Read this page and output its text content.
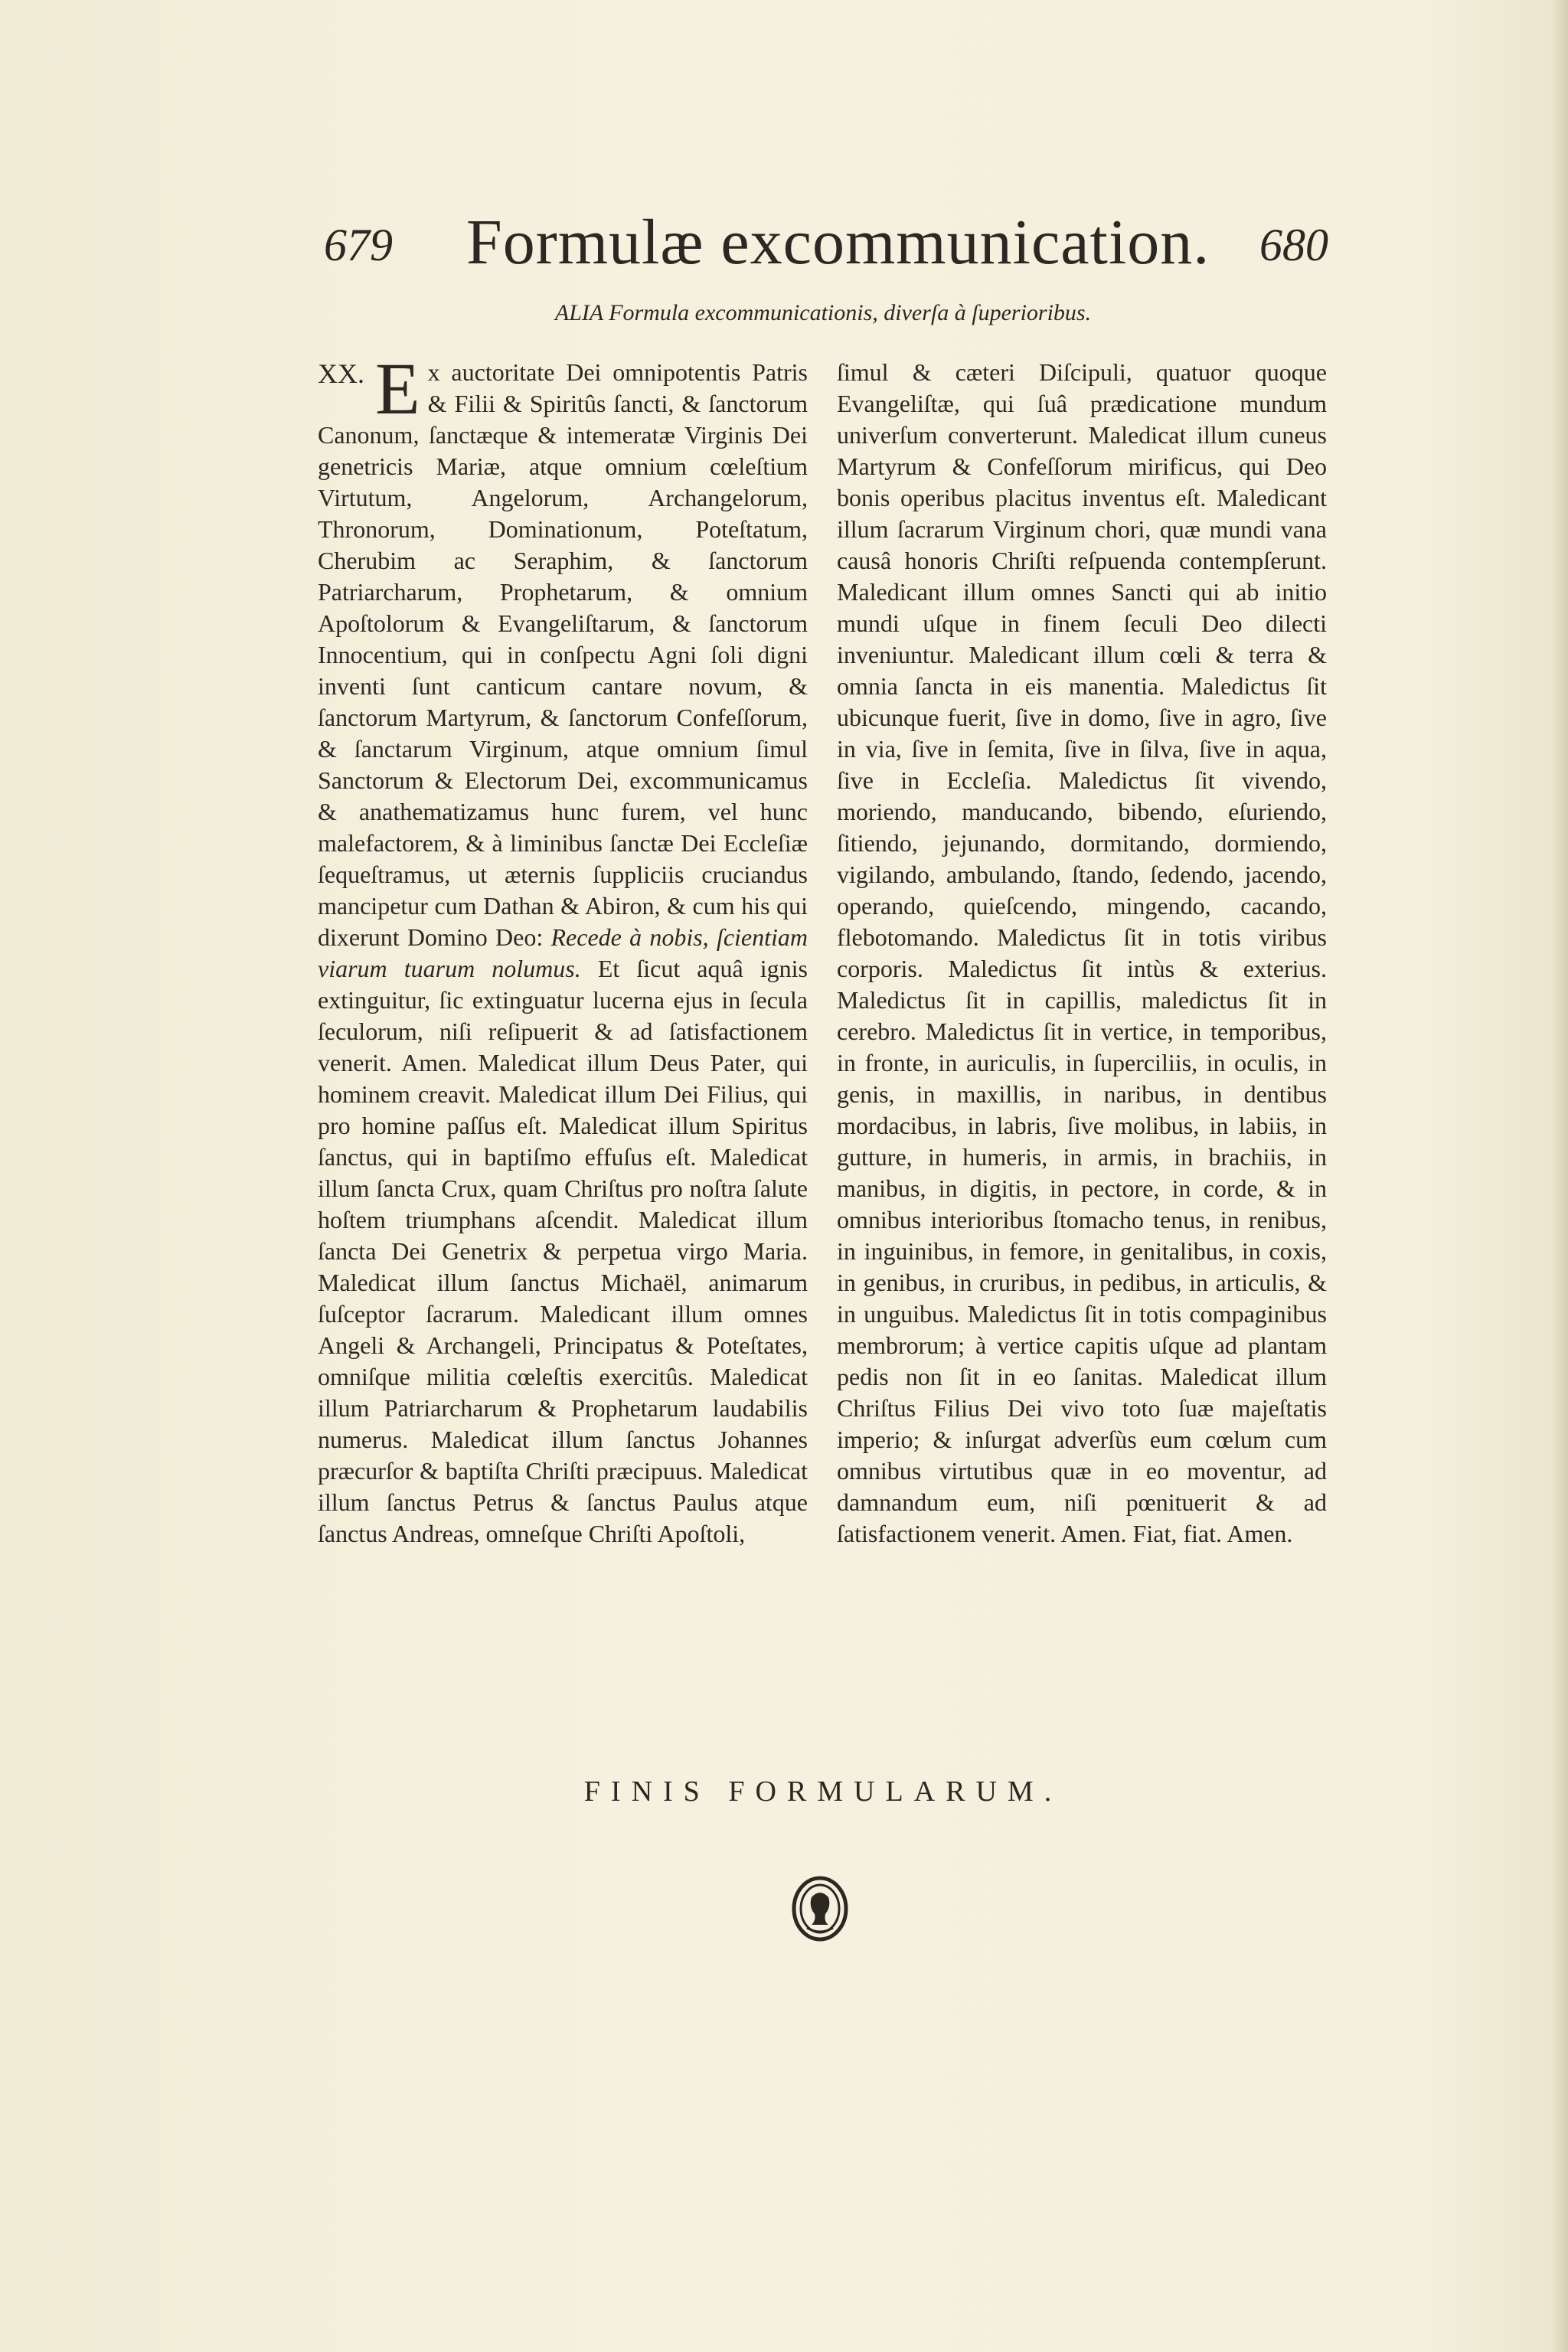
679 Formulæ excommunication. 680
ALIA Formula excommunicationis, diverſa à ſuperioribus.
XX. E x auctoritate Dei omnipotentis Patris & Filii & Spiritûs ſancti, & ſanctorum Canonum, ſanctæque & intemeratæ Virginis Dei genetricis Mariæ, atque omnium cœleſtium Virtutum, Angelorum, Archangelorum, Thronorum, Dominationum, Poteſtatum, Cherubim ac Seraphim, & ſanctorum Patriarcharum, Prophetarum, & omnium Apoſtolorum & Evangeliſtarum, & ſanctorum Innocentium, qui in conſpectu Agni ſoli digni inventi ſunt canticum cantare novum, & ſanctorum Martyrum, & ſanctorum Confeſſorum, & ſanctarum Virginum, atque omnium ſimul Sanctorum & Electorum Dei, excommunicamus & anathematizamus hunc furem, vel hunc malefactorem, & à liminibus ſanctæ Dei Eccleſiæ ſequeſtramus, ut æternis ſuppliciis cruciandus mancipetur cum Dathan & Abiron, & cum his qui dixerunt Domino Deo: Recede à nobis, ſcientiam viarum tuarum nolumus. Et ſicut aquâ ignis extinguitur, ſic extinguatur lucerna ejus in ſecula ſeculorum, niſi reſipuerit & ad ſatisfactionem venerit. Amen. Maledicat illum Deus Pater, qui hominem creavit. Maledicat illum Dei Filius, qui pro homine paſſus eſt. Maledicat illum Spiritus ſanctus, qui in baptiſmo effuſus eſt. Maledicat illum ſancta Crux, quam Chriſtus pro noſtra ſalute hoſtem triumphans aſcendit. Maledicat illum ſancta Dei Genetrix & perpetua virgo Maria. Maledicat illum ſanctus Michaël, animarum ſuſceptor ſacrarum. Maledicant illum omnes Angeli & Archangeli, Principatus & Poteſtates, omniſque militia cœleſtis exercitûs. Maledicat illum Patriarcharum & Prophetarum laudabilis numerus. Maledicat illum ſanctus Johannes præcurſor & baptiſta Chriſti præcipuus. Maledicat illum ſanctus Petrus & ſanctus Paulus atque ſanctus Andreas, omneſque Chriſti Apoſtoli,
ſimul & cæteri Diſcipuli, quatuor quoque Evangeliſtæ, qui ſuâ prædicatione mundum univerſum converterunt. Maledicat illum cuneus Martyrum & Confeſſorum mirificus, qui Deo bonis operibus placitus inventus eſt. Maledicant illum ſacrarum Virginum chori, quæ mundi vana causâ honoris Chriſti reſpuenda contempſerunt. Maledicant illum omnes Sancti qui ab initio mundi uſque in finem ſeculi Deo dilecti inveniuntur. Maledicant illum cœli & terra & omnia ſancta in eis manentia. Maledictus ſit ubicunque fuerit, ſive in domo, ſive in agro, ſive in via, ſive in ſemita, ſive in ſilva, ſive in aqua, ſive in Eccleſia. Maledictus ſit vivendo, moriendo, manducando, bibendo, eſuriendo, ſitiendo, jejunando, dormitando, dormiendo, vigilando, ambulando, ſtando, ſedendo, jacendo, operando, quieſcendo, mingendo, cacando, flebotomando. Maledictus ſit in totis viribus corporis. Maledictus ſit intùs & exterius. Maledictus ſit in capillis, maledictus ſit in cerebro. Maledictus ſit in vertice, in temporibus, in fronte, in auriculis, in ſuperciliis, in oculis, in genis, in maxillis, in naribus, in dentibus mordacibus, in labris, ſive molibus, in labiis, in gutture, in humeris, in armis, in brachiis, in manibus, in digitis, in pectore, in corde, & in omnibus interioribus ſtomacho tenus, in renibus, in inguinibus, in femore, in genitalibus, in coxis, in genibus, in cruribus, in pedibus, in articulis, & in unguibus. Maledictus ſit in totis compaginibus membrorum; à vertice capitis uſque ad plantam pedis non ſit in eo ſanitas. Maledicat illum Chriſtus Filius Dei vivo toto ſuæ majeſtatis imperio; & inſurgat adverſùs eum cœlum cum omnibus virtutibus quæ in eo moventur, ad damnandum eum, niſi pœnituerit & ad ſatisfactionem venerit. Amen. Fiat, fiat. Amen.
FINIS FORMULARUM.
